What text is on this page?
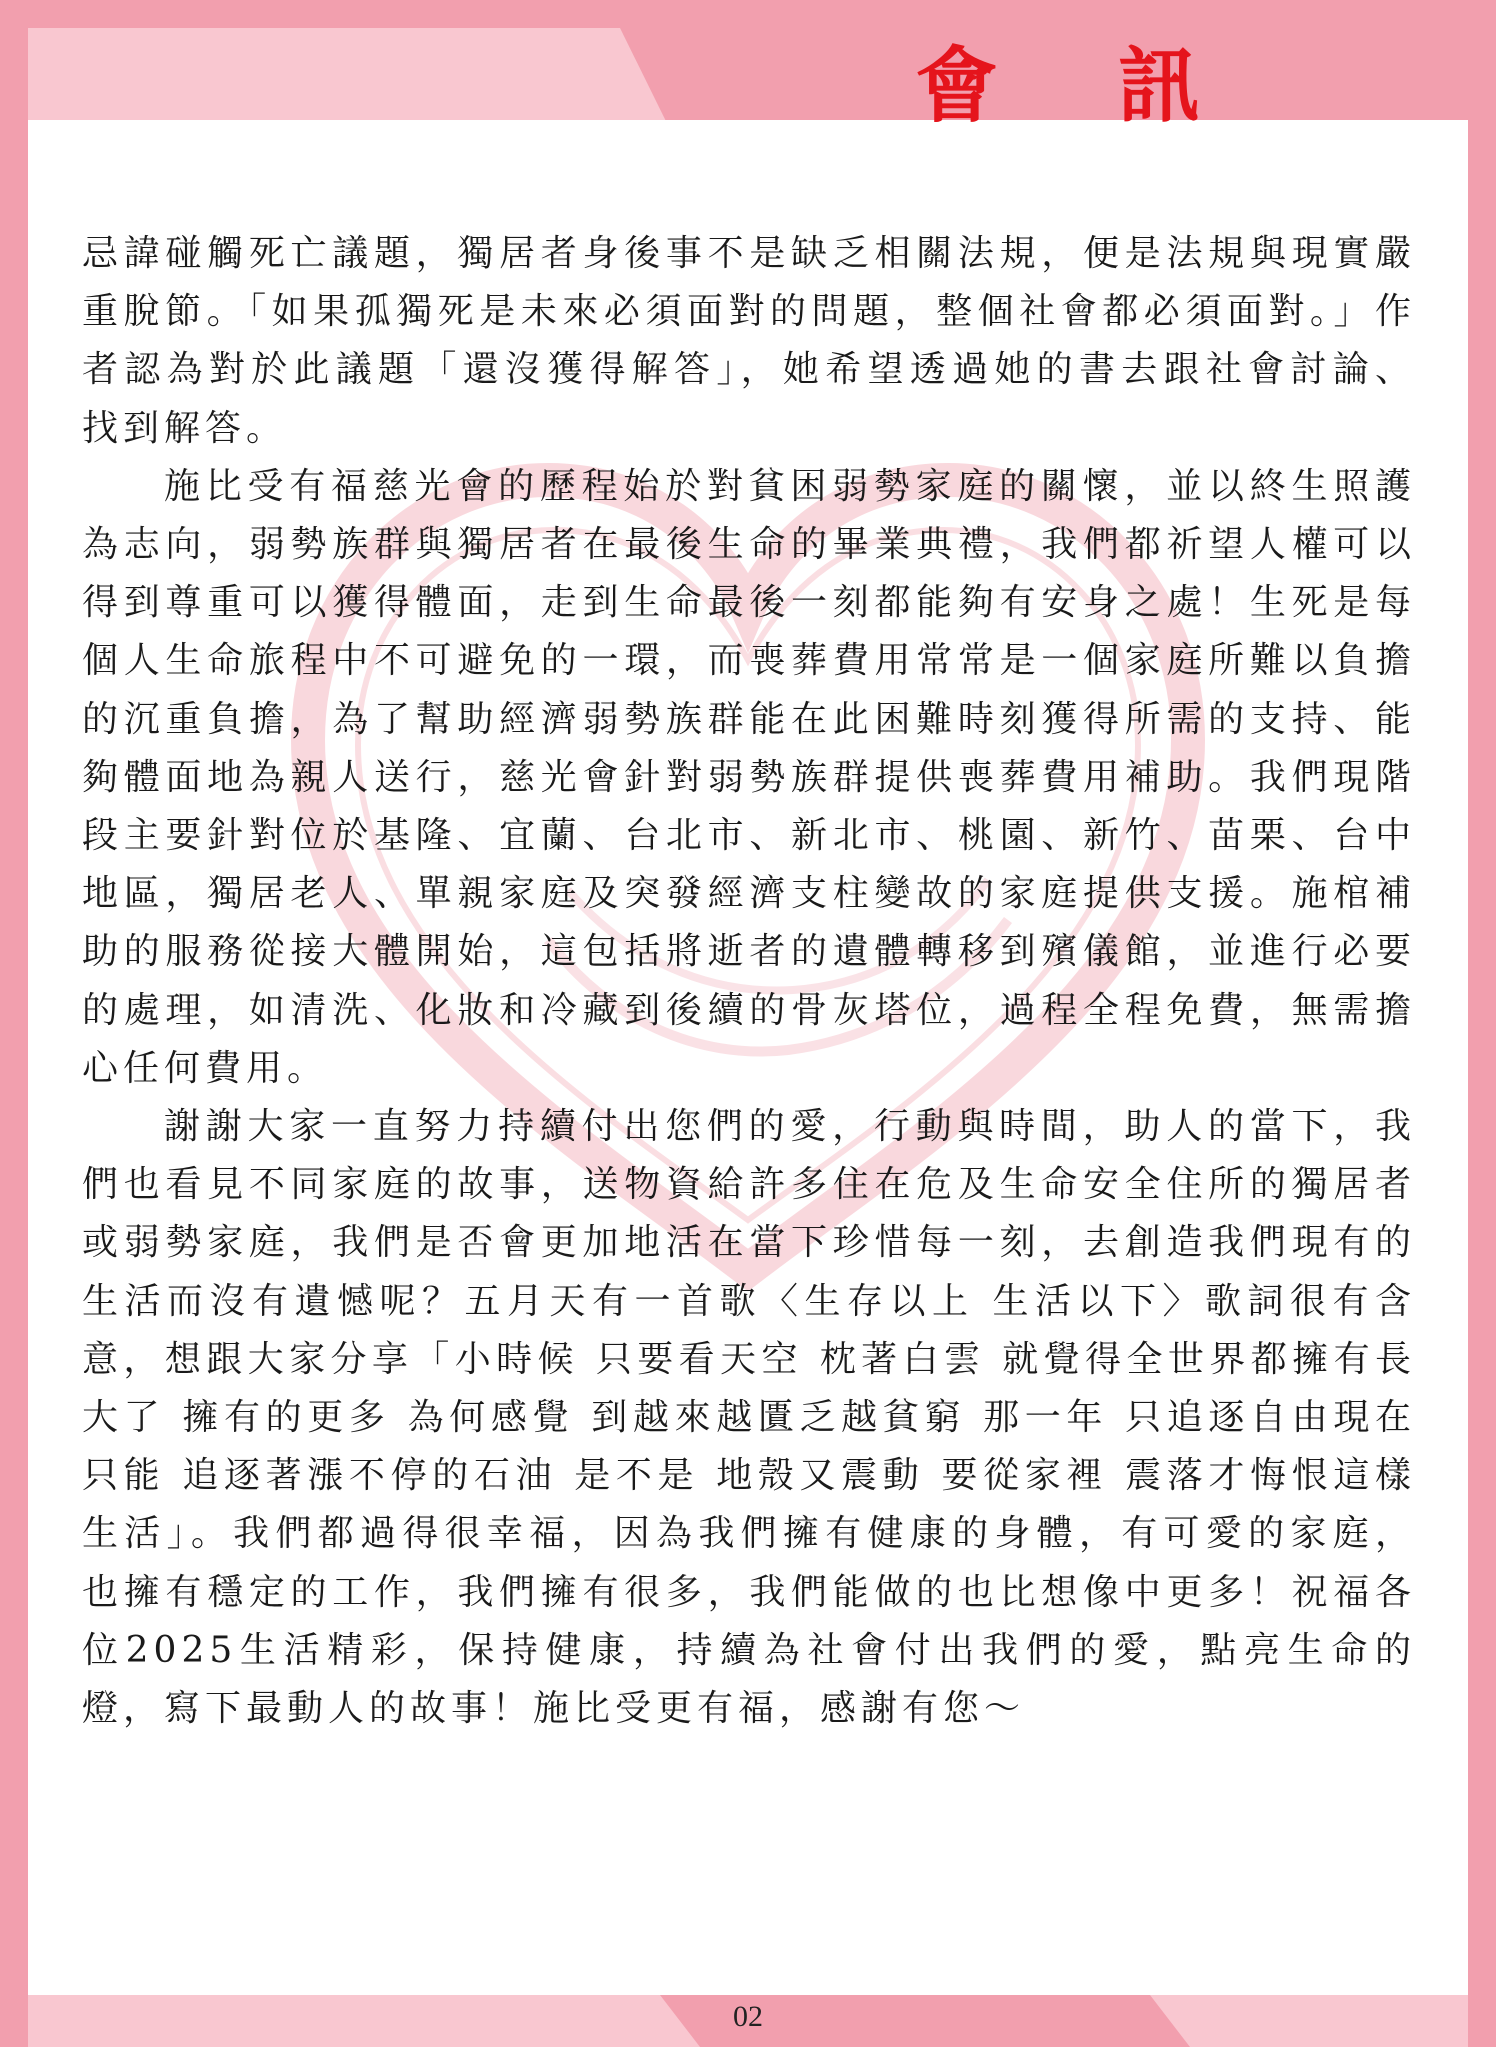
會 訊

忌諱碰觸死亡議題，獨居者身後事不是缺乏相關法規，便是法規與現實嚴重脫節。「如果孤獨死是未來必須面對的問題，整個社會都必須面對。」作者認為對於此議題「還沒獲得解答」，她希望透過她的書去跟社會討論、找到解答。

施比受有福慈光會的歷程始於對貧困弱勢家庭的關懷，並以終生照護為志向，弱勢族群與獨居者在最後生命的畢業典禮，我們都祈望人權可以得到尊重可以獲得體面，走到生命最後一刻都能夠有安身之處！生死是每個人生命旅程中不可避免的一環，而喪葬費用常常是一個家庭所難以負擔的沉重負擔，為了幫助經濟弱勢族群能在此困難時刻獲得所需的支持、能夠體面地為親人送行，慈光會針對弱勢族群提供喪葬費用補助。我們現階段主要針對位於基隆、宜蘭、台北市、新北市、桃園、新竹、苗栗、台中地區，獨居老人、單親家庭及突發經濟支柱變故的家庭提供支援。施棺補助的服務從接大體開始，這包括將逝者的遺體轉移到殯儀館，並進行必要的處理，如清洗、化妝和冷藏到後續的骨灰塔位，過程全程免費，無需擔心任何費用。

謝謝大家一直努力持續付出您們的愛，行動與時間，助人的當下，我們也看見不同家庭的故事，送物資給許多住在危及生命安全住所的獨居者或弱勢家庭，我們是否會更加地活在當下珍惜每一刻，去創造我們現有的生活而沒有遺憾呢？五月天有一首歌〈生存以上 生活以下〉歌詞很有含意，想跟大家分享「小時候 只要看天空 枕著白雲 就覺得全世界都擁有長大了 擁有的更多 為何感覺 到越來越匱乏越貧窮 那一年 只追逐自由現在只能 追逐著漲不停的石油 是不是 地殼又震動 要從家裡 震落才悔恨這樣生活」。我們都過得很幸福，因為我們擁有健康的身體，有可愛的家庭，也擁有穩定的工作，我們擁有很多，我們能做的也比想像中更多！祝福各位2025生活精彩，保持健康，持續為社會付出我們的愛，點亮生命的燈，寫下最動人的故事！施比受更有福，感謝有您～

02
